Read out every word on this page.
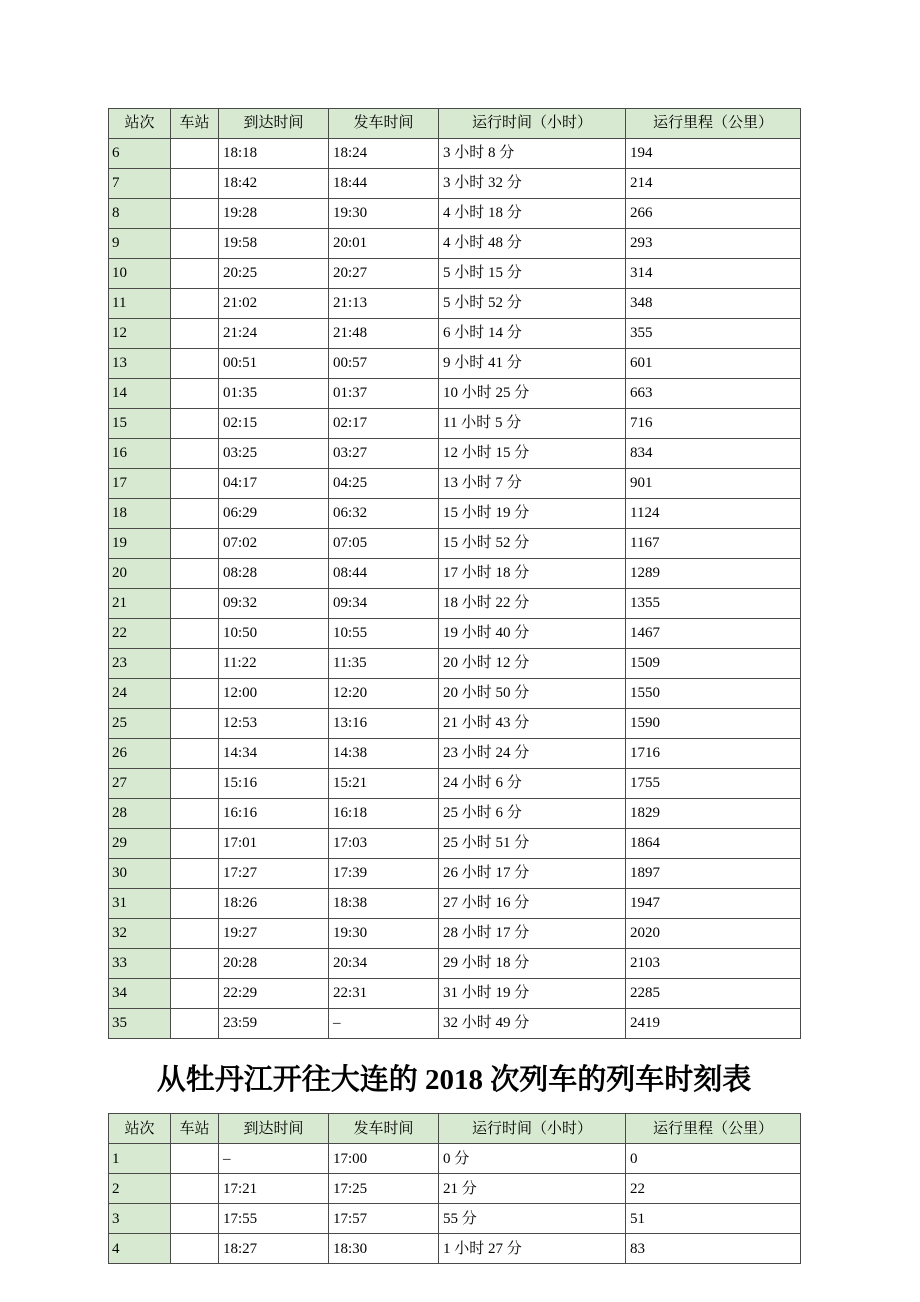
站次	车站	到达时间	发车时间	运行时间（小时）	运行里程（公里）
6		18:18	18:24	3 小时 8 分	194
7		18:42	18:44	3 小时 32 分	214
8		19:28	19:30	4 小时 18 分	266
9		19:58	20:01	4 小时 48 分	293
10		20:25	20:27	5 小时 15 分	314
11		21:02	21:13	5 小时 52 分	348
12		21:24	21:48	6 小时 14 分	355
13		00:51	00:57	9 小时 41 分	601
14		01:35	01:37	10 小时 25 分	663
15		02:15	02:17	11 小时 5 分	716
16		03:25	03:27	12 小时 15 分	834
17		04:17	04:25	13 小时 7 分	901
18		06:29	06:32	15 小时 19 分	1124
19		07:02	07:05	15 小时 52 分	1167
20		08:28	08:44	17 小时 18 分	1289
21		09:32	09:34	18 小时 22 分	1355
22		10:50	10:55	19 小时 40 分	1467
23		11:22	11:35	20 小时 12 分	1509
24		12:00	12:20	20 小时 50 分	1550
25		12:53	13:16	21 小时 43 分	1590
26		14:34	14:38	23 小时 24 分	1716
27		15:16	15:21	24 小时 6 分	1755
28		16:16	16:18	25 小时 6 分	1829
29		17:01	17:03	25 小时 51 分	1864
30		17:27	17:39	26 小时 17 分	1897
31		18:26	18:38	27 小时 16 分	1947
32		19:27	19:30	28 小时 17 分	2020
33		20:28	20:34	29 小时 18 分	2103
34		22:29	22:31	31 小时 19 分	2285
35		23:59	–	32 小时 49 分	2419
从牡丹江开往大连的 2018 次列车的列车时刻表
站次	车站	到达时间	发车时间	运行时间（小时）	运行里程（公里）
1		–	17:00	0 分	0
2		17:21	17:25	21 分	22
3		17:55	17:57	55 分	51
4		18:27	18:30	1 小时 27 分	83
